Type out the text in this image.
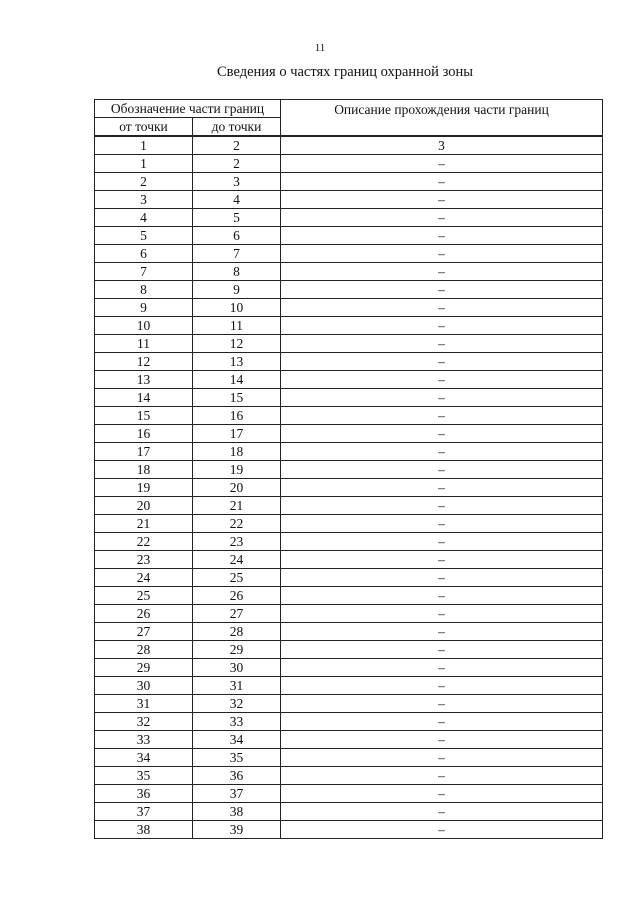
11
Сведения о частях границ охранной зоны
Обозначение части границ		Описание прохождения части границ
от точки	до точки	
1	2	3
1	2	–
2	3	–
3	4	–
4	5	–
5	6	–
6	7	–
7	8	–
8	9	–
9	10	–
10	11	–
11	12	–
12	13	–
13	14	–
14	15	–
15	16	–
16	17	–
17	18	–
18	19	–
19	20	–
20	21	–
21	22	–
22	23	–
23	24	–
24	25	–
25	26	–
26	27	–
27	28	–
28	29	–
29	30	–
30	31	–
31	32	–
32	33	–
33	34	–
34	35	–
35	36	–
36	37	–
37	38	–
38	39	–
